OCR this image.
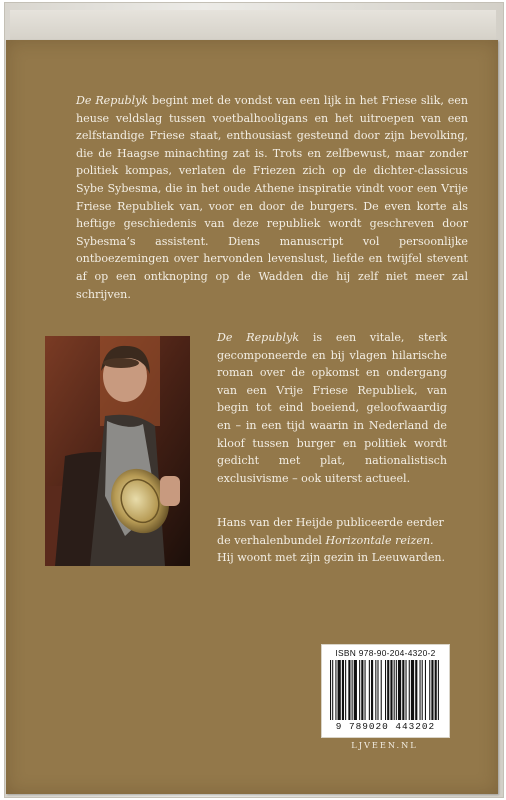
De Republyk begint met de vondst van een lijk in het Friese slik, een heuse veldslag tussen voetbalhooligans en het uitroepen van een zelfstandige Friese staat, enthousiast gesteund door zijn bevolking, die de Haagse minachting zat is. Trots en zelfbewust, maar zonder politiek kompas, verlaten de Friezen zich op de dichter-classicus Sybe Sybesma, die in het oude Athene inspiratie vindt voor een Vrije Friese Republiek van, voor en door de burgers. De even korte als heftige geschiedenis van deze republiek wordt geschreven door Sybesma’s assistent. Diens manuscript vol persoonlijke ontboezemingen over hervonden levenslust, liefde en twijfel stevent af op een ontknoping op de Wadden die hij zelf niet meer zal schrijven.

De Republyk is een vitale, sterk gecomponeerde en bij vlagen hilarische roman over de opkomst en ondergang van een Vrije Friese Republiek, van begin tot eind boeiend, geloofwaardig en – in een tijd waarin in Nederland de kloof tussen burger en politiek wordt gedicht met plat, nationalistisch exclusivisme – ook uiterst actueel.

Hans van der Heijde publiceerde eerder de verhalenbundel Horizontale reizen. Hij woont met zijn gezin in Leeuwarden.

ISBN 978-90-204-4320-2
9 789020 443202
LJVEEN.NL
